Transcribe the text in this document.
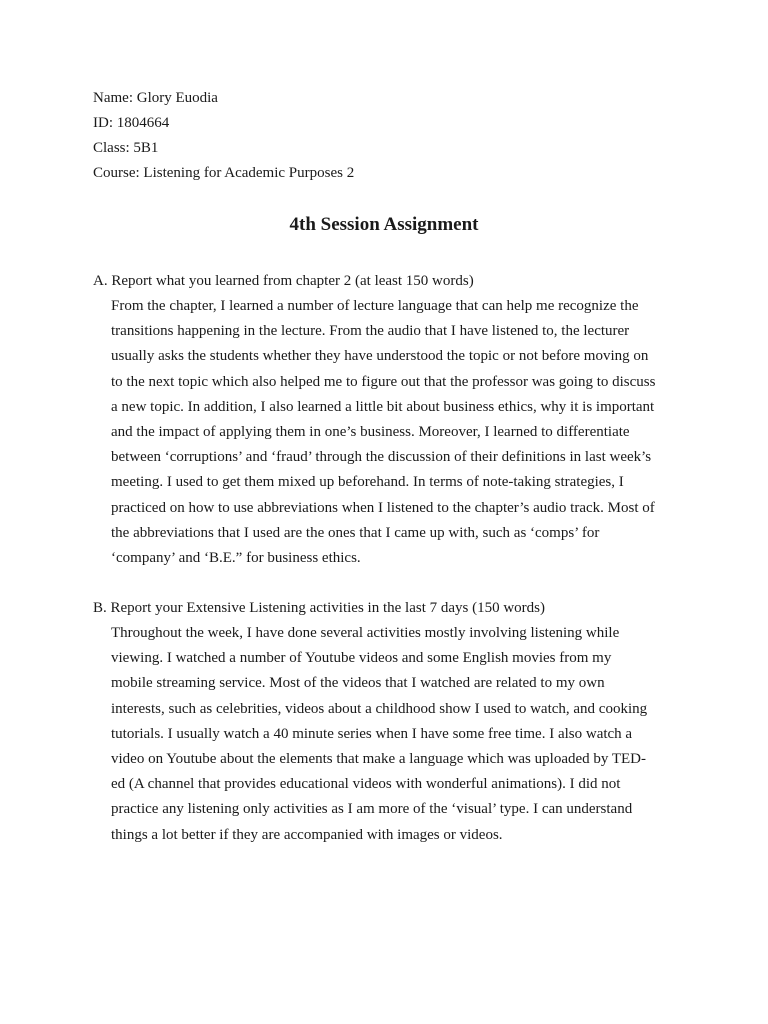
Name: Glory Euodia
ID: 1804664
Class: 5B1
Course: Listening for Academic Purposes 2
4th Session Assignment
A. Report what you learned from chapter 2 (at least 150 words)
From the chapter, I learned a number of lecture language that can help me recognize the
transitions happening in the lecture. From the audio that I have listened to, the lecturer
usually asks the students whether they have understood the topic or not before moving on
to the next topic which also helped me to figure out that the professor was going to discuss
a new topic. In addition, I also learned a little bit about business ethics, why it is important
and the impact of applying them in one’s business. Moreover, I learned to differentiate
between ‘corruptions’ and ‘fraud’ through the discussion of their definitions in last week’s
meeting. I used to get them mixed up beforehand. In terms of note-taking strategies, I
practiced on how to use abbreviations when I listened to the chapter’s audio track. Most of
the abbreviations that I used are the ones that I came up with, such as ‘comps’ for
‘company’ and ‘B.E.” for business ethics.
B. Report your Extensive Listening activities in the last 7 days (150 words)
Throughout the week, I have done several activities mostly involving listening while
viewing. I watched a number of Youtube videos and some English movies from my
mobile streaming service. Most of the videos that I watched are related to my own
interests, such as celebrities, videos about a childhood show I used to watch, and cooking
tutorials. I usually watch a 40 minute series when I have some free time. I also watch a
video on Youtube about the elements that make a language which was uploaded by TED-
ed (A channel that provides educational videos with wonderful animations). I did not
practice any listening only activities as I am more of the ‘visual’ type. I can understand
things a lot better if they are accompanied with images or videos.
